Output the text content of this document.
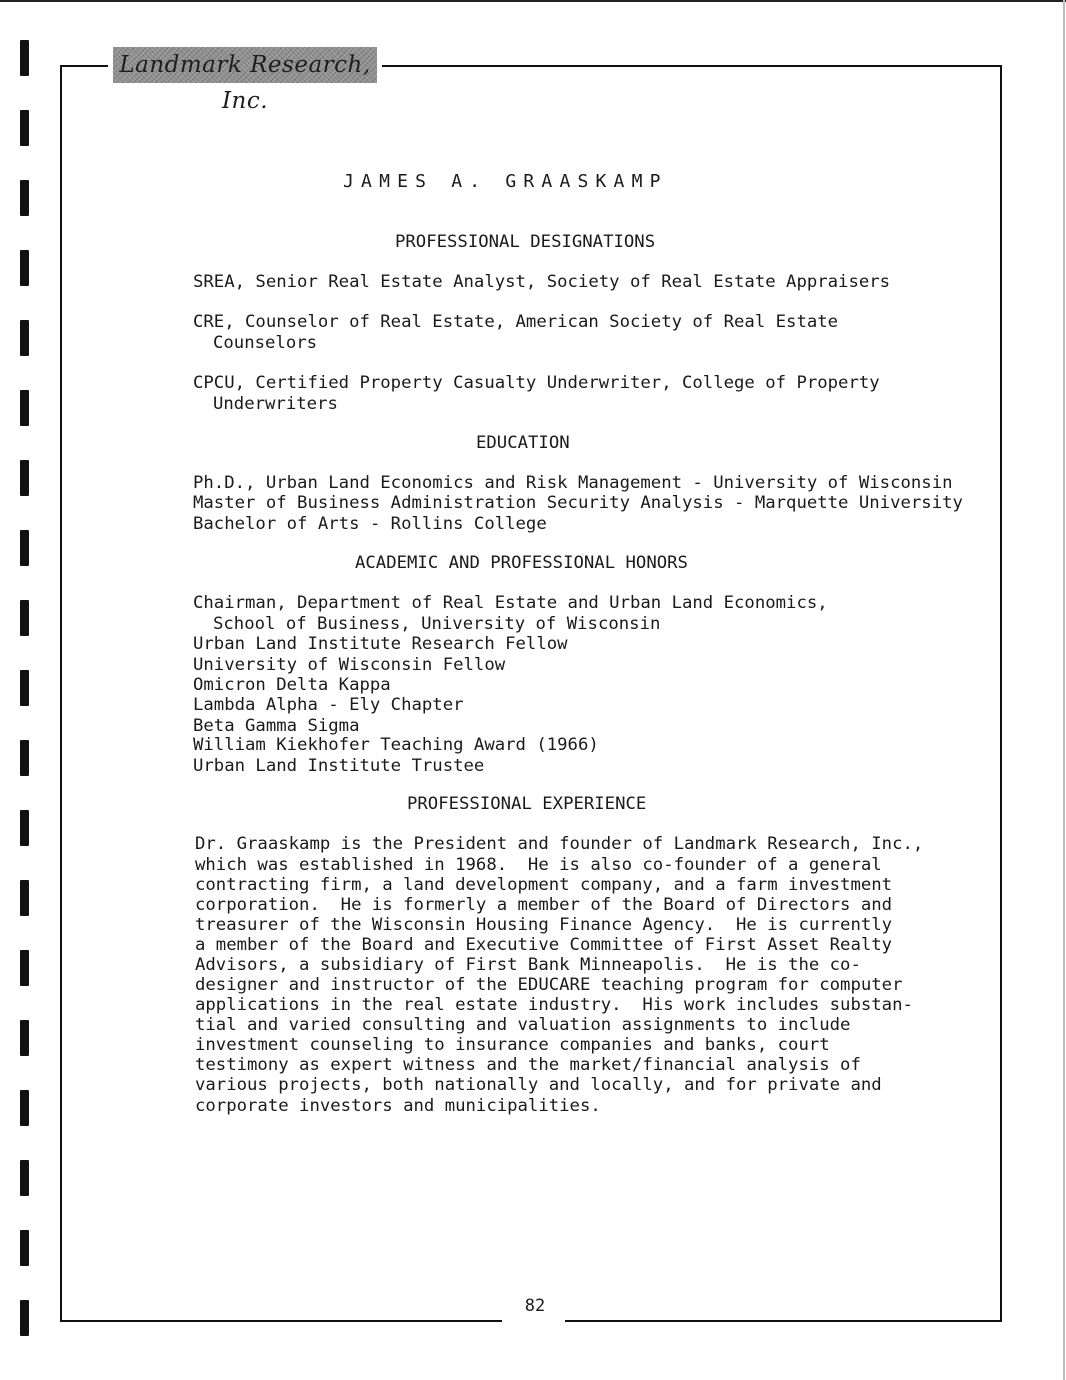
Landmark Research, Inc.
JAMES A. GRAASKAMP
PROFESSIONAL DESIGNATIONS
SREA, Senior Real Estate Analyst, Society of Real Estate Appraisers
CRE, Counselor of Real Estate, American Society of Real Estate
Counselors
CPCU, Certified Property Casualty Underwriter, College of Property
Underwriters
EDUCATION
Ph.D., Urban Land Economics and Risk Management - University of Wisconsin
Master of Business Administration Security Analysis - Marquette University
Bachelor of Arts - Rollins College
ACADEMIC AND PROFESSIONAL HONORS
Chairman, Department of Real Estate and Urban Land Economics,
School of Business, University of Wisconsin
Urban Land Institute Research Fellow
University of Wisconsin Fellow
Omicron Delta Kappa
Lambda Alpha - Ely Chapter
Beta Gamma Sigma
William Kiekhofer Teaching Award (1966)
Urban Land Institute Trustee
PROFESSIONAL EXPERIENCE
Dr. Graaskamp is the President and founder of Landmark Research, Inc.,
which was established in 1968.  He is also co-founder of a general
contracting firm, a land development company, and a farm investment
corporation.  He is formerly a member of the Board of Directors and
treasurer of the Wisconsin Housing Finance Agency.  He is currently
a member of the Board and Executive Committee of First Asset Realty
Advisors, a subsidiary of First Bank Minneapolis.  He is the co-
designer and instructor of the EDUCARE teaching program for computer
applications in the real estate industry.  His work includes substan-
tial and varied consulting and valuation assignments to include
investment counseling to insurance companies and banks, court
testimony as expert witness and the market/financial analysis of
various projects, both nationally and locally, and for private and
corporate investors and municipalities.
82
